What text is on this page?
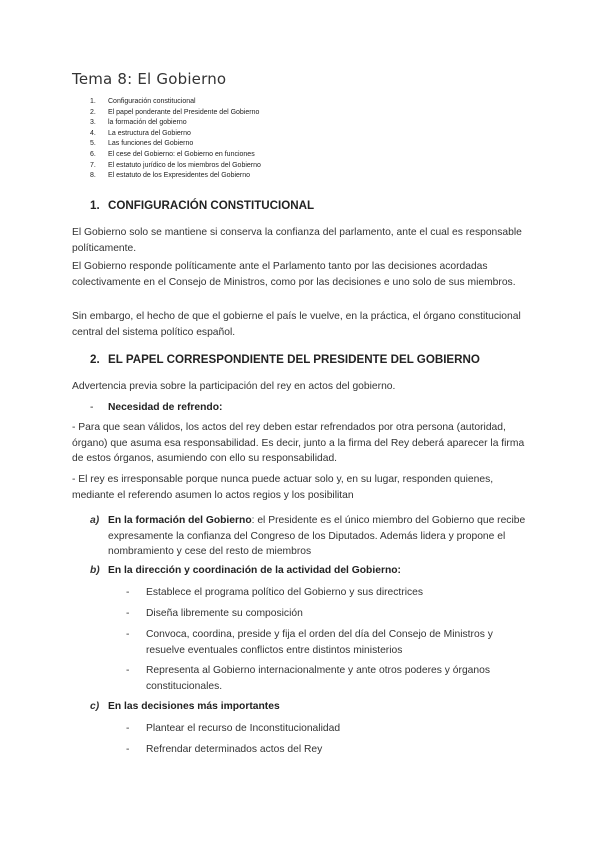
Tema 8: El Gobierno
1. Configuración constitucional
2. El papel ponderante del Presidente del Gobierno
3. la formación del gobierno
4. La estructura del Gobierno
5. Las funciones del Gobierno
6. El cese del Gobierno: el Gobierno en funciones
7. El estatuto jurídico de los miembros del Gobierno
8. El estatuto de los Expresidentes del Gobierno
1. CONFIGURACIÓN CONSTITUCIONAL

El Gobierno solo se mantiene si conserva la confianza del parlamento, ante el cual es responsable políticamente.

El Gobierno responde políticamente ante el Parlamento tanto por las decisiones acordadas colectivamente en el Consejo de Ministros, como por las decisiones e uno solo de sus miembros.

Sin embargo, el hecho de que el gobierne el país le vuelve, en la práctica, el órgano constitucional central del sistema político español.

2. EL PAPEL CORRESPONDIENTE DEL PRESIDENTE DEL GOBIERNO

Advertencia previa sobre la participación del rey en actos del gobierno.

- Necesidad de refrendo:

- Para que sean válidos, los actos del rey deben estar refrendados por otra persona (autoridad, órgano) que asuma esa responsabilidad. Es decir, junto a la firma del Rey deberá aparecer la firma de estos órganos, asumiendo con ello su responsabilidad.

- El rey es irresponsable porque nunca puede actuar solo y, en su lugar, responden quienes, mediante el referendo asumen lo actos regios y los posibilitan

a) En la formación del Gobierno: el Presidente es el único miembro del Gobierno que recibe expresamente la confianza del Congreso de los Diputados. Además lidera y propone el nombramiento y cese del resto de miembros
b) En la dirección y coordinación de la actividad del Gobierno:
- Establece el programa político del Gobierno y sus directrices
- Diseña libremente su composición
- Convoca, coordina, preside y fija el orden del día del Consejo de Ministros y resuelve eventuales conflictos entre distintos ministerios
- Representa al Gobierno internacionalmente y ante otros poderes y órganos constitucionales.
c) En las decisiones más importantes
- Plantear el recurso de Inconstitucionalidad
- Refrendar determinados actos del Rey
